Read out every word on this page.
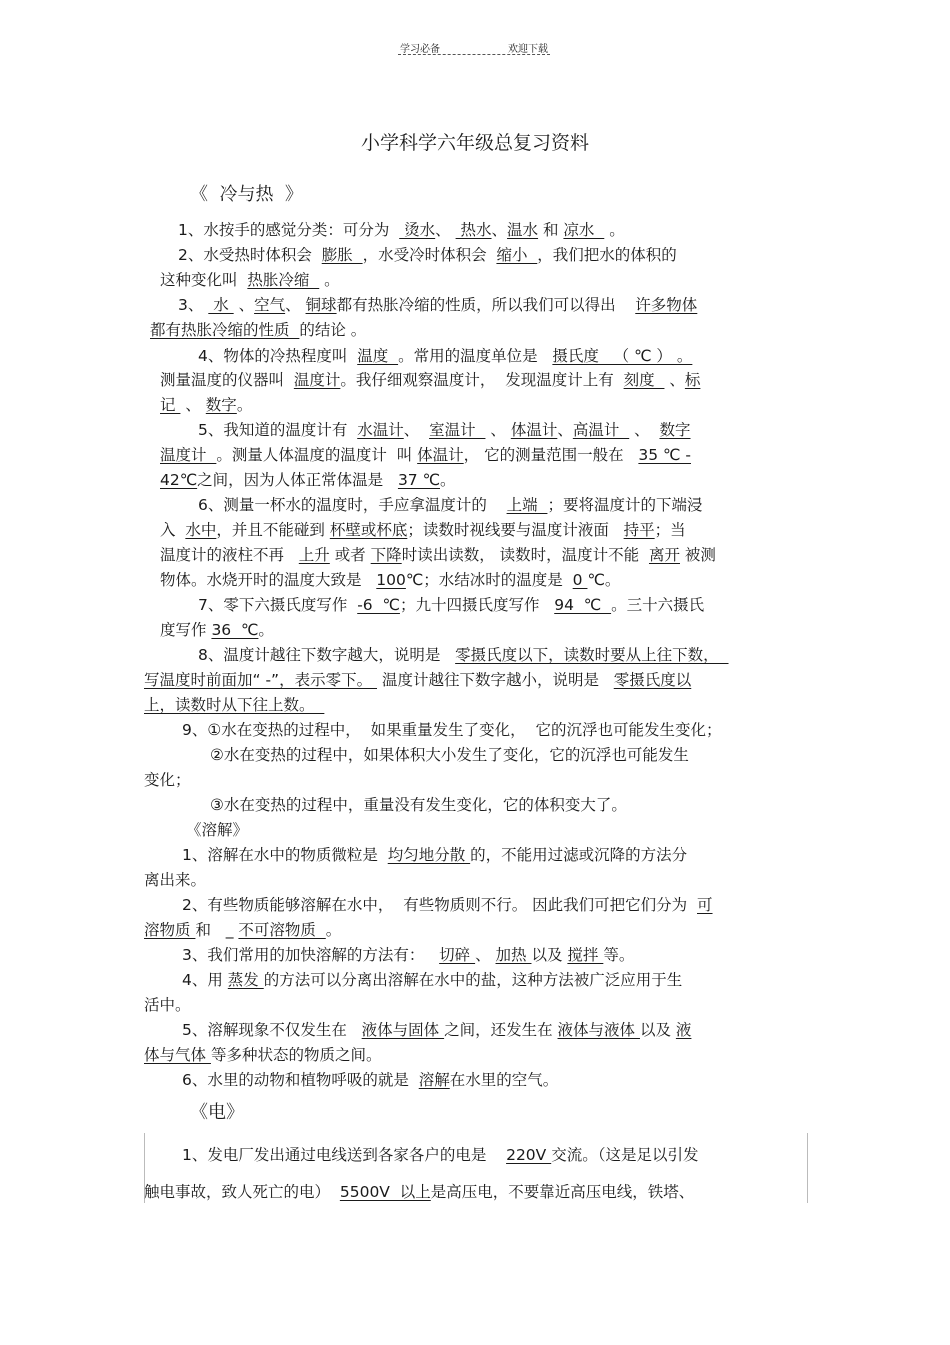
学习必备	欢迎下载
小学科学六年级总复习资料
《  冷与热  》
《溶解》
《电》
1、水按手的感觉分类：可分为   烫水、  热水、温水 和 凉水   。
2、水受热时体积会  膨胀  ，水受冷时体积会  缩小  ，我们把水的体积的
这种变化叫  热胀冷缩   。
3、  水  、空气、 铜球都有热胀冷缩的性质，所以我们可以得出    许多物体
都有热胀冷缩的性质  的结论 。
4、物体的冷热程度叫  温度  。常用的温度单位是   摄氏度   （ ℃ ） 。
测量温度的仪器叫  温度计。我仔细观察温度计，  发现温度计上有  刻度   、标
记  、 数字。
5、我知道的温度计有  水温计、  室温计   、 体温计、高温计   、  数字
温度计  。测量人体温度的温度计  叫 体温计， 它的测量范围一般在   35 ℃ -
42℃之间，因为人体正常体温是   37 ℃。
6、测量一杯水的温度时，手应拿温度计的    上端  ；要将温度计的下端浸
入  水中，并且不能碰到 杯壁或杯底；读数时视线要与温度计液面   持平；当
温度计的液柱不再   上升 或者 下降时读出读数， 读数时，温度计不能  离开 被测
物体。水烧开时的温度大致是   100℃；水结冰时的温度是  0 ℃。
7、零下六摄氏度写作  -6  ℃；九十四摄氏度写作   94  ℃  。三十六摄氏
度写作 36  ℃。
8、温度计越往下数字越大，说明是   零摄氏度以下，读数时要从上往下数，
写温度时前面加“ -”，表示零下。  温度计越往下数字越小，说明是   零摄氏度以
上，读数时从下往上数。
9、①水在变热的过程中，  如果重量发生了变化，  它的沉浮也可能发生变化；
②水在变热的过程中，如果体积大小发生了变化，它的沉浮也可能发生
变化；
③水在变热的过程中，重量没有发生变化，它的体积变大了。
1、溶解在水中的物质微粒是  均匀地分散 的，不能用过滤或沉降的方法分
离出来。
2、有些物质能够溶解在水中，  有些物质则不行。 因此我们可把它们分为  可
溶物质 和   _ 不可溶物质  。
3、我们常用的加快溶解的方法有：   切碎 、 加热 以及 搅拌 等。
4、用 蒸发 的方法可以分离出溶解在水中的盐，这种方法被广泛应用于生
活中。
5、溶解现象不仅发生在   液体与固体 之间，还发生在 液体与液体 以及 液
体与气体 等多种状态的物质之间。
6、水里的动物和植物呼吸的就是  溶解在水里的空气。
1、发电厂发出通过电线送到各家各户的电是    220V 交流。（这是足以引发
触电事故，致人死亡的电）  5500V  以上是高压电，不要靠近高压电线，铁塔、
